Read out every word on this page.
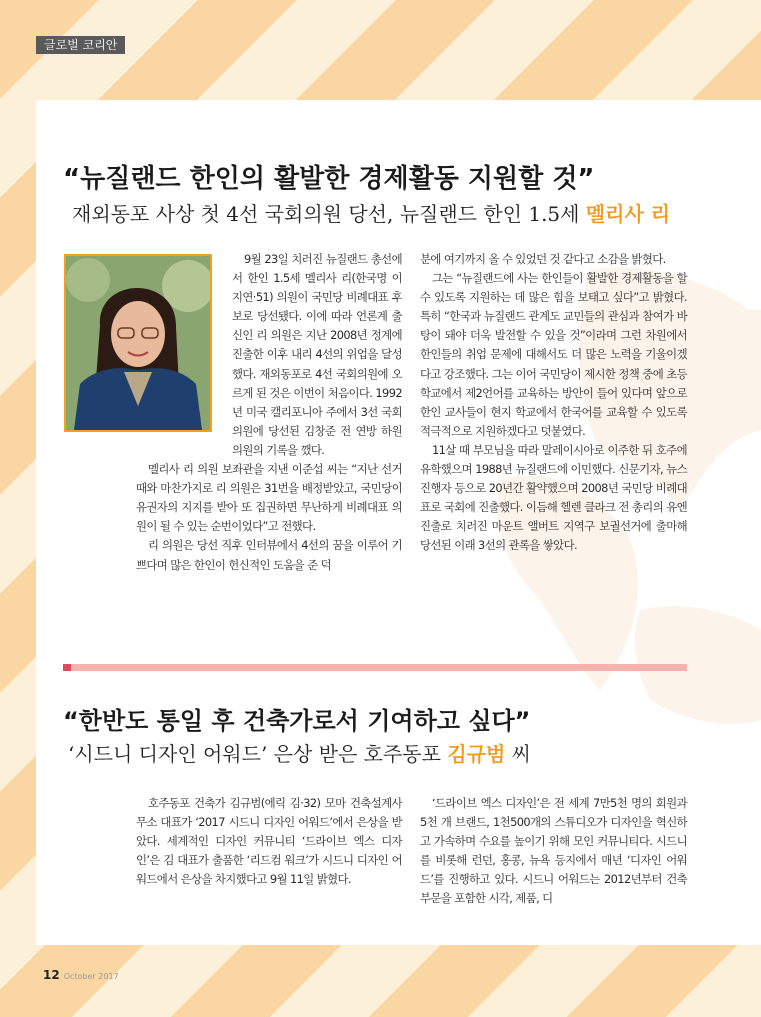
글로벌 코리안
“뉴질랜드 한인의 활발한 경제활동 지원할 것”
재외동포 사상 첫 4선 국회의원 당선, 뉴질랜드 한인 1.5세 멜리사 리

9월 23일 치러진 뉴질랜드 총선에서 한인 1.5세 멜리사 리(한국명 이지연·51) 의원이 국민당 비례대표 후보로 당선됐다. 이에 따라 언론계 출신인 리 의원은 지난 2008년 정계에 진출한 이후 내리 4선의 위업을 달성했다. 재외동포로 4선 국회의원에 오르게 된 것은 이번이 처음이다. 1992년 미국 캘리포니아 주에서 3선 국회의원에 당선된 김창준 전 연방 하원의원의 기록을 깼다.

멜리사 리 의원 보좌관을 지낸 이준섭 씨는 “지난 선거 때와 마찬가지로 리 의원은 31번을 배정받았고, 국민당이 유권자의 지지를 받아 또 집권하면 무난하게 비례대표 의원이 될 수 있는 순번이었다”고 전했다.

리 의원은 당선 직후 인터뷰에서 4선의 꿈을 이루어 기쁘다며 많은 한인이 헌신적인 도움을 준 덕

분에 여기까지 올 수 있었던 것 같다고 소감을 밝혔다.

그는 “뉴질랜드에 사는 한인들이 활발한 경제활동을 할 수 있도록 지원하는 데 많은 힘을 보태고 싶다”고 밝혔다. 특히 “한국과 뉴질랜드 관계도 교민들의 관심과 참여가 바탕이 돼야 더욱 발전할 수 있을 것”이라며 그런 차원에서 한인들의 취업 문제에 대해서도 더 많은 노력을 기울이겠다고 강조했다. 그는 이어 국민당이 제시한 정책 중에 초등학교에서 제2언어를 교육하는 방안이 들어 있다며 앞으로 한인 교사들이 현지 학교에서 한국어를 교육할 수 있도록 적극적으로 지원하겠다고 덧붙였다.

11살 때 부모님을 따라 말레이시아로 이주한 뒤 호주에 유학했으며 1988년 뉴질랜드에 이민했다. 신문기자, 뉴스진행자 등으로 20년간 활약했으며 2008년 국민당 비례대표로 국회에 진출했다. 이듬해 헬렌 클라크 전 총리의 유엔 진출로 치러진 마운트 앨버트 지역구 보궐선거에 출마해 당선된 이래 3선의 관록을 쌓았다.

“한반도 통일 후 건축가로서 기여하고 싶다”
‘시드니 디자인 어워드’ 은상 받은 호주동포 김규범 씨

호주동포 건축가 김규범(에릭 김·32) 모마 건축설계사무소 대표가 ‘2017 시드니 디자인 어워드’에서 은상을 받았다. 세계적인 디자인 커뮤니티 ‘드라이브 엑스 디자인’은 김 대표가 출품한 ‘리드컴 워크’가 시드니 디자인 어워드에서 은상을 차지했다고 9월 11일 밝혔다.

‘드라이브 엑스 디자인’은 전 세계 7만5천 명의 회원과 5천 개 브랜드, 1천500개의 스튜디오가 디자인을 혁신하고 가속하며 수요를 높이기 위해 모인 커뮤니티다. 시드니를 비롯해 런던, 홍콩, 뉴욕 등지에서 매년 ‘디자인 어워드’를 진행하고 있다. 시드니 어워드는 2012년부터 건축 부문을 포함한 시각, 제품, 디

12 October 2017
